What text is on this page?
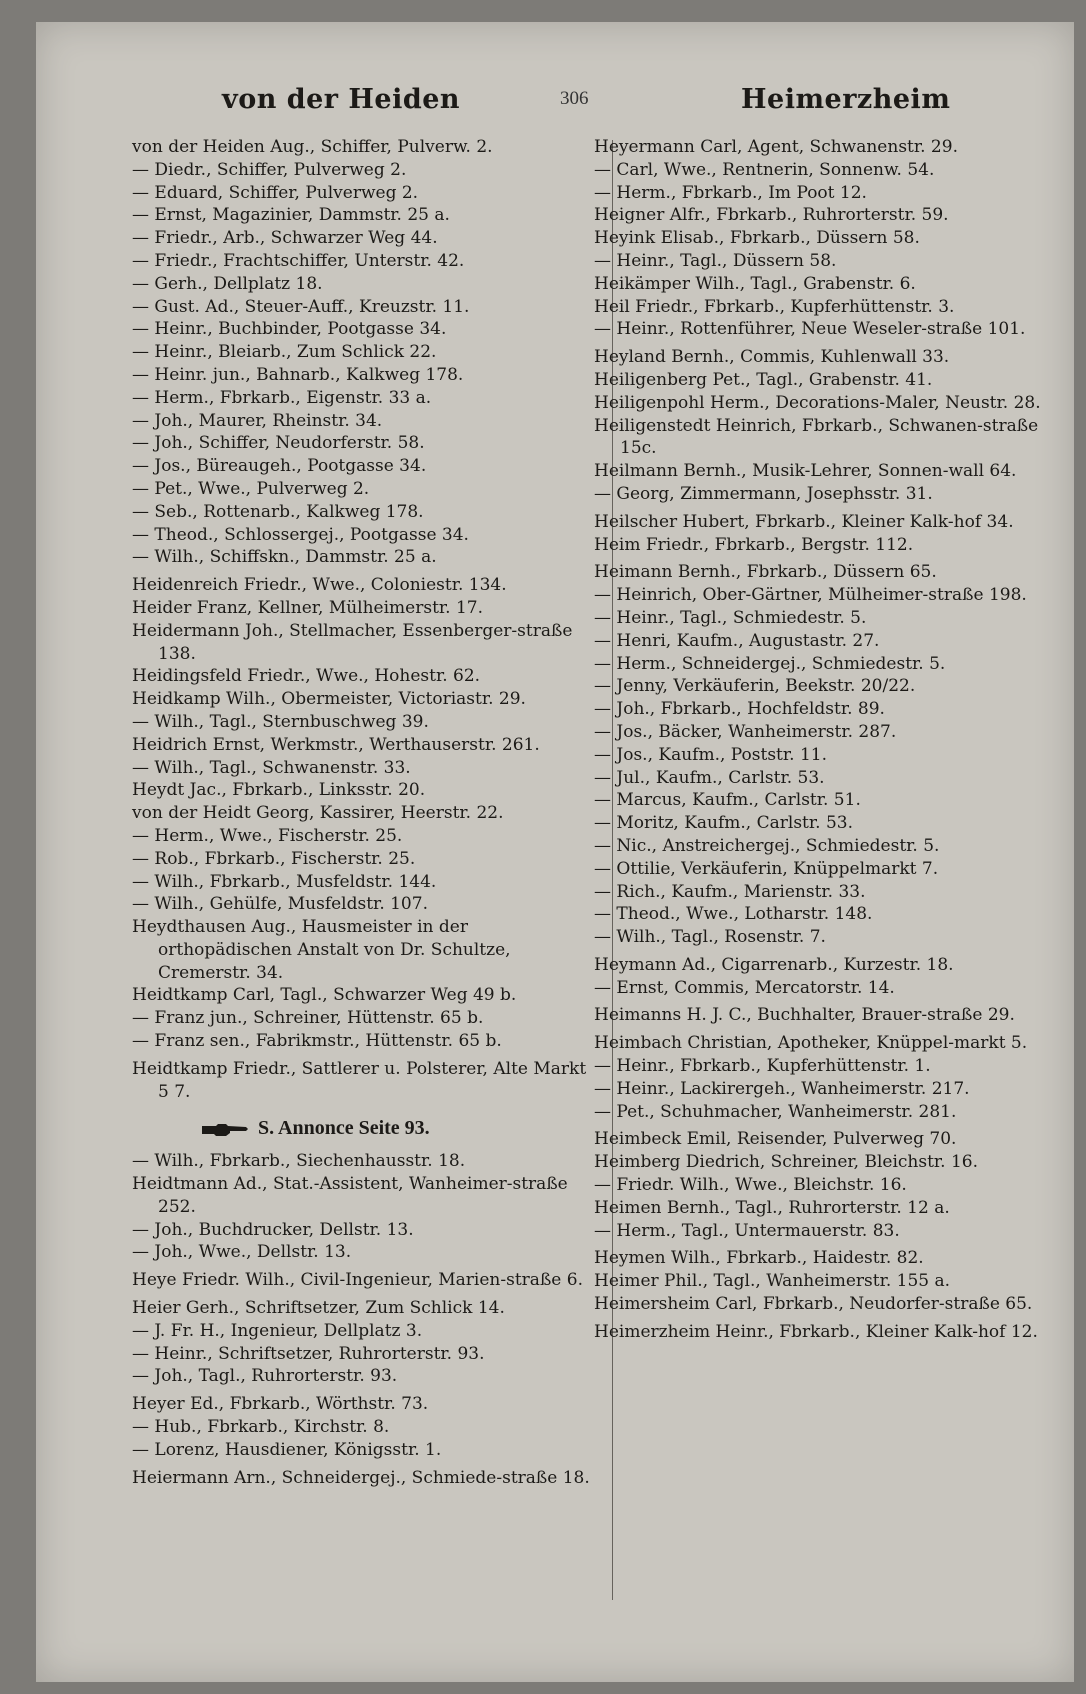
von der Heiden	306	Heimerzheim

von der Heiden Aug., Schiffer, Pulverw. 2.

— Diedr., Schiffer, Pulverweg 2.

— Eduard, Schiffer, Pulverweg 2.

— Ernst, Magazinier, Dammstr. 25 a.

— Friedr., Arb., Schwarzer Weg 44.

— Friedr., Frachtschiffer, Unterstr. 42.

— Gerh., Dellplatz 18.

— Gust. Ad., Steuer-Auff., Kreuzstr. 11.

— Heinr., Buchbinder, Pootgasse 34.

— Heinr., Bleiarb., Zum Schlick 22.

— Heinr. jun., Bahnarb., Kalkweg 178.

— Herm., Fbrkarb., Eigenstr. 33 a.

— Joh., Maurer, Rheinstr. 34.

— Joh., Schiffer, Neudorferstr. 58.

— Jos., Büreaugeh., Pootgasse 34.

— Pet., Wwe., Pulverweg 2.

— Seb., Rottenarb., Kalkweg 178.

— Theod., Schlossergej., Pootgasse 34.

— Wilh., Schiffskn., Dammstr. 25 a.

Heidenreich Friedr., Wwe., Coloniestr. 134.

Heider Franz, Kellner, Mülheimerstr. 17.

Heidermann Joh., Stellmacher, Essenberger-straße 138.

Heidingsfeld Friedr., Wwe., Hohestr. 62.

Heidkamp Wilh., Obermeister, Victoriastr. 29.

— Wilh., Tagl., Sternbuschweg 39.

Heidrich Ernst, Werkmstr., Werthauserstr. 261.

— Wilh., Tagl., Schwanenstr. 33.

Heydt Jac., Fbrkarb., Linksstr. 20.

von der Heidt Georg, Kassirer, Heerstr. 22.

— Herm., Wwe., Fischerstr. 25.

— Rob., Fbrkarb., Fischerstr. 25.

— Wilh., Fbrkarb., Musfeldstr. 144.

— Wilh., Gehülfe, Musfeldstr. 107.

Heydthausen Aug., Hausmeister in der orthopädischen Anstalt von Dr. Schultze, Cremerstr. 34.

Heidtkamp Carl, Tagl., Schwarzer Weg 49 b.

— Franz jun., Schreiner, Hüttenstr. 65 b.

— Franz sen., Fabrikmstr., Hüttenstr. 65 b.

Heidtkamp Friedr., Sattlerer u. Polsterer, Alte Markt 5 7.

S. Annonce Seite 93.

— Wilh., Fbrkarb., Siechenhausstr. 18.

Heidtmann Ad., Stat.-Assistent, Wanheimer-straße 252.

— Joh., Buchdrucker, Dellstr. 13.

— Joh., Wwe., Dellstr. 13.

Heye Friedr. Wilh., Civil-Ingenieur, Marien-straße 6.

Heier Gerh., Schriftsetzer, Zum Schlick 14.

— J. Fr. H., Ingenieur, Dellplatz 3.

— Heinr., Schriftsetzer, Ruhrorterstr. 93.

— Joh., Tagl., Ruhrorterstr. 93.

Heyer Ed., Fbrkarb., Wörthstr. 73.

— Hub., Fbrkarb., Kirchstr. 8.

— Lorenz, Hausdiener, Königsstr. 1.

Heiermann Arn., Schneidergej., Schmiede-straße 18.

Heyermann Carl, Agent, Schwanenstr. 29.

— Carl, Wwe., Rentnerin, Sonnenw. 54.

— Herm., Fbrkarb., Im Poot 12.

Heigner Alfr., Fbrkarb., Ruhrorterstr. 59.

Heyink Elisab., Fbrkarb., Düssern 58.

— Heinr., Tagl., Düssern 58.

Heikämper Wilh., Tagl., Grabenstr. 6.

Heil Friedr., Fbrkarb., Kupferhüttenstr. 3.

— Heinr., Rottenführer, Neue Weseler-straße 101.

Heyland Bernh., Commis, Kuhlenwall 33.

Heiligenberg Pet., Tagl., Grabenstr. 41.

Heiligenpohl Herm., Decorations-Maler, Neustr. 28.

Heiligenstedt Heinrich, Fbrkarb., Schwanen-straße 15c.

Heilmann Bernh., Musik-Lehrer, Sonnen-wall 64.

— Georg, Zimmermann, Josephsstr. 31.

Heilscher Hubert, Fbrkarb., Kleiner Kalk-hof 34.

Heim Friedr., Fbrkarb., Bergstr. 112.

Heimann Bernh., Fbrkarb., Düssern 65.

— Heinrich, Ober-Gärtner, Mülheimer-straße 198.

— Heinr., Tagl., Schmiedestr. 5.

— Henri, Kaufm., Augustastr. 27.

— Herm., Schneidergej., Schmiedestr. 5.

— Jenny, Verkäuferin, Beekstr. 20/22.

— Joh., Fbrkarb., Hochfeldstr. 89.

— Jos., Bäcker, Wanheimerstr. 287.

— Jos., Kaufm., Poststr. 11.

— Jul., Kaufm., Carlstr. 53.

— Marcus, Kaufm., Carlstr. 51.

— Moritz, Kaufm., Carlstr. 53.

— Nic., Anstreichergej., Schmiedestr. 5.

— Ottilie, Verkäuferin, Knüppelmarkt 7.

— Rich., Kaufm., Marienstr. 33.

— Theod., Wwe., Lotharstr. 148.

— Wilh., Tagl., Rosenstr. 7.

Heymann Ad., Cigarrenarb., Kurzestr. 18.

— Ernst, Commis, Mercatorstr. 14.

Heimanns H. J. C., Buchhalter, Brauer-straße 29.

Heimbach Christian, Apotheker, Knüppel-markt 5.

— Heinr., Fbrkarb., Kupferhüttenstr. 1.

— Heinr., Lackirergeh., Wanheimerstr. 217.

— Pet., Schuhmacher, Wanheimerstr. 281.

Heimbeck Emil, Reisender, Pulverweg 70.

Heimberg Diedrich, Schreiner, Bleichstr. 16.

— Friedr. Wilh., Wwe., Bleichstr. 16.

Heimen Bernh., Tagl., Ruhrorterstr. 12 a.

— Herm., Tagl., Untermauerstr. 83.

Heymen Wilh., Fbrkarb., Haidestr. 82.

Heimer Phil., Tagl., Wanheimerstr. 155 a.

Heimersheim Carl, Fbrkarb., Neudorfer-straße 65.

Heimerzheim Heinr., Fbrkarb., Kleiner Kalk-hof 12.
